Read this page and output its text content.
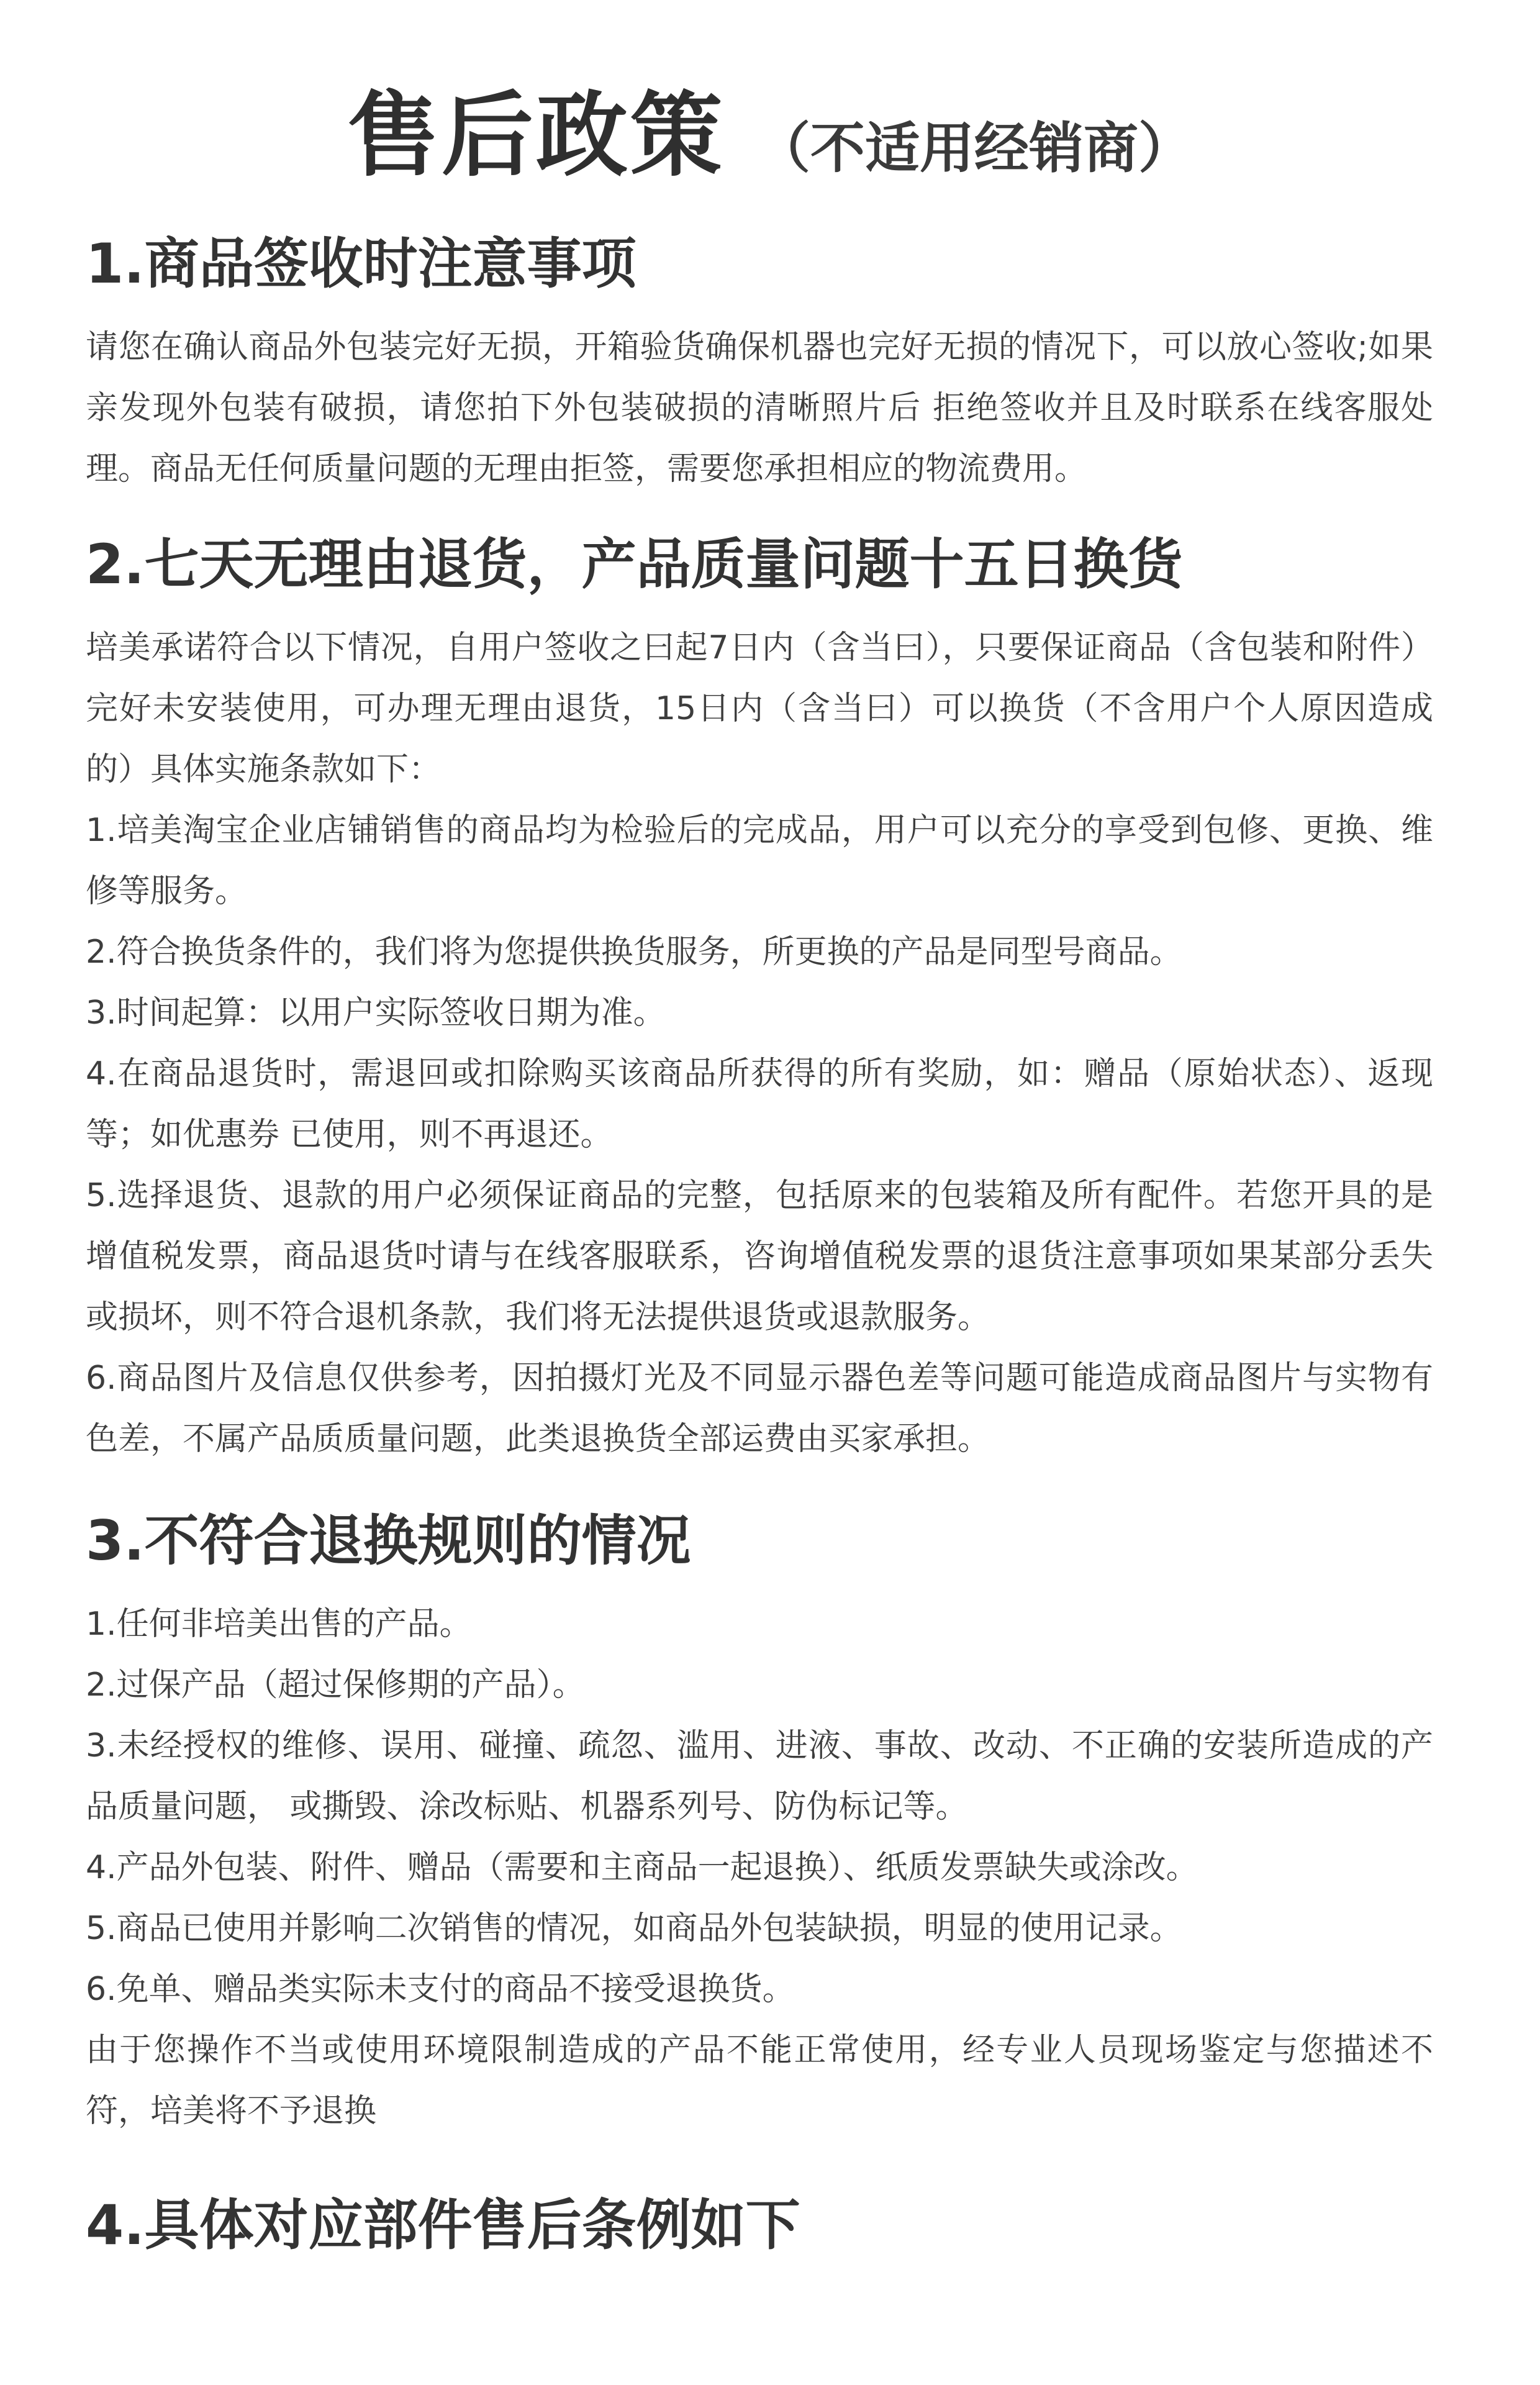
售后政策 （不适用经销商）
1.商品签收时注意事项

请您在确认商品外包装完好无损，开箱验货确保机器也完好无损的情况下，可以放心签收;如果亲发现外包装有破损，请您拍下外包装破损的清晰照片后 拒绝签收并且及时联系在线客服处理。商品无任何质量问题的无理由拒签，需要您承担相应的物流费用。

2.七天无理由退货，产品质量问题十五日换货

培美承诺符合以下情况，自用户签收之曰起7日内（含当曰），只要保证商品（含包装和附件）完好未安装使用，可办理无理由退货，15日内（含当曰）可以换货（不含用户个人原因造成的）具体实施条款如下：

1.培美淘宝企业店铺销售的商品均为检验后的完成品，用户可以充分的享受到包修、更换、维修等服务。

2.符合换货条件的，我们将为您提供换货服务，所更换的产品是同型号商品。

3.时间起算：以用户实际签收日期为准。

4.在商品退货时，需退回或扣除购买该商品所获得的所有奖励，如：赠品（原始状态）、返现等；如优惠券 已使用，则不再退还。

5.选择退货、退款的用户必须保证商品的完整，包括原来的包装箱及所有配件。若您开具的是增值税发票，商品退货吋请与在线客服联系，咨询增值税发票的退货注意事项如果某部分丢失或损坏，则不符合退机条款，我们将无法提供退货或退款服务。

6.商品图片及信息仅供参考，因拍摄灯光及不同显示器色差等问题可能造成商品图片与实物有色差，不属产品质质量问题，此类退换货全部运费由买家承担。

3.不符合退换规则的情况

1.任何非培美出售的产品。

2.过保产品（超过保修期的产品）。

3.未经授权的维修、误用、碰撞、疏忽、滥用、进液、事故、改动、不正确的安装所造成的产品质量问题， 或撕毁、涂改标贴、机器系列号、防伪标记等。

4.产品外包装、附件、赠品（需要和主商品一起退换）、纸质发票缺失或涂改。

5.商品已使用并影响二次销售的情况，如商品外包装缺损，明显的使用记录。

6.免单、赠品类实际未支付的商品不接受退换货。

由于您操作不当或使用环境限制造成的产品不能正常使用，经专业人员现场鉴定与您描述不符，培美将不予退换

4.具体对应部件售后条例如下
